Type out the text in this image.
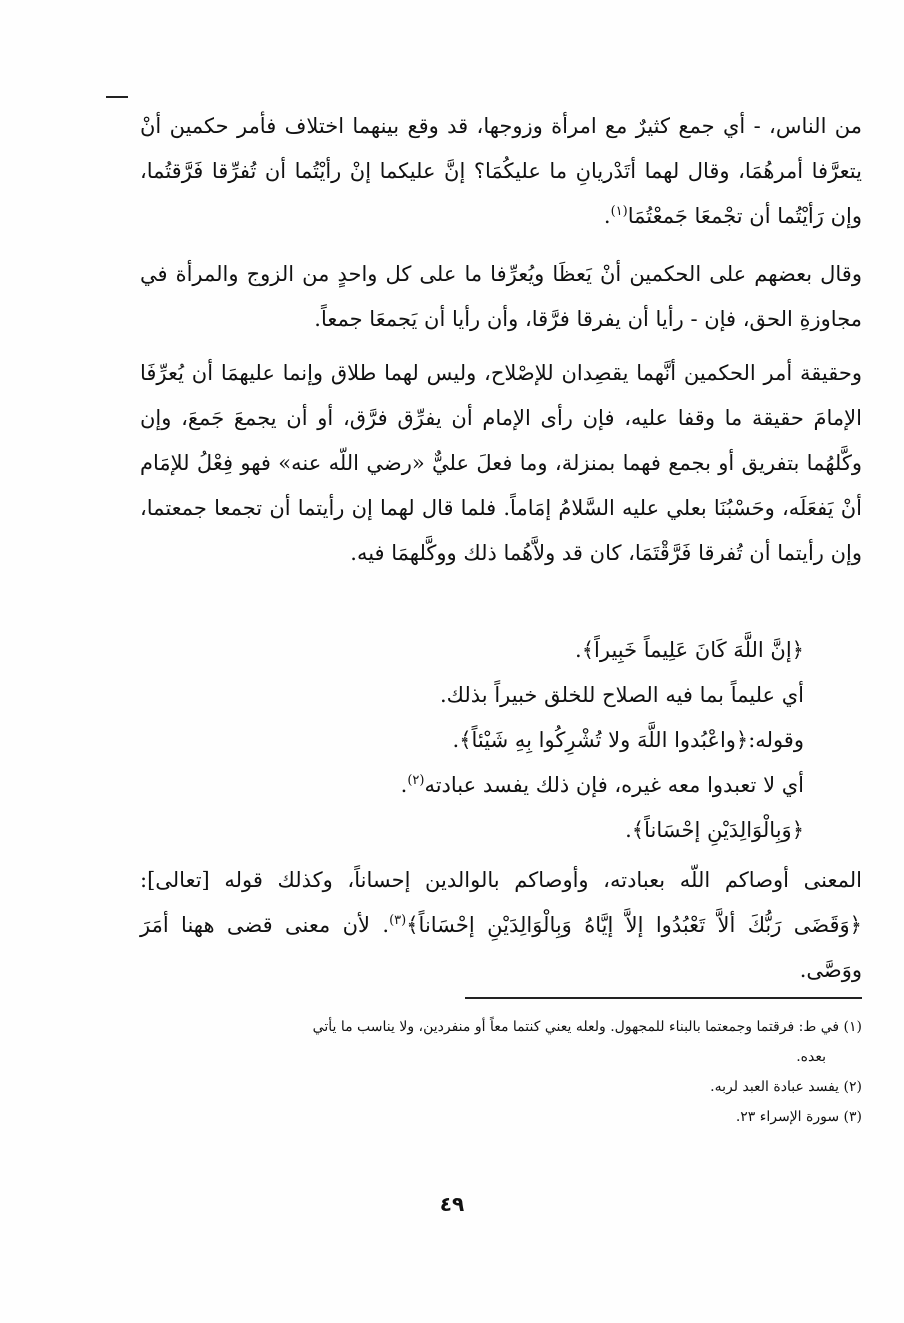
من الناس، - أي جمع كثيرٌ مع امرأة وزوجها، قد وقع بينهما اختلاف فأمر حكمين أنْ يتعرَّفا أمرهُمَا، وقال لهما أتَدْريانِ ما عليكُمَا؟ إنَّ عليكما إنْ رأيْتُما أن تُفرِّقا فَرَّقتُما، وإن رَأيْتُما أن تجْمعَا جَمعْتُمَا$^{(١)}$.

وقال بعضهم على الحكمين أنْ يَعظَا ويُعرِّفا ما على كل واحدٍ من الزوج والمرأة في مجاوزةِ الحق، فإن - رأيا أن يفرقا فرَّقا، وأن رأيا أن يَجمعَا جمعاً.

وحقيقة أمر الحكمين أنَّهما يقصِدان للإصْلاح، وليس لهما طلاق وإنما عليهمَا أن يُعرِّفَا الإمامَ حقيقة ما وقفا عليه، فإن رأى الإمام أن يفرِّق فرَّق، أو أن يجمعَ جَمعَ، وإن وكَّلهُما بتفريق أو بجمع فهما بمنزلة، وما فعلَ عليٌّ «رضي اللّه عنه» فهو فِعْلُ للإمَام أنْ يَفعَلَه، وحَسْبُنَا بعلي عليه السَّلامُ إمَاماً. فلما قال لهما إن رأيتما أن تجمعا جمعتما، وإن رأيتما أن تُفرقا فَرَّقْتَمَا، كان قد ولاَّهُما ذلك ووكَّلهمَا فيه.

﴿إنَّ اللَّهَ كَانَ عَلِيماً خَبِيراً﴾.

أي عليماً بما فيه الصلاح للخلق خبيراً بذلك.

وقوله:﴿واعْبُدوا اللَّهَ ولا تُشْرِكُوا بِهِ شَيْئاً﴾.

أي لا تعبدوا معه غيره، فإن ذلك يفسد عبادته$^{(٢)}$.

﴿وَبِالْوَالِدَيْنِ إحْسَاناً﴾.

المعنى أوصاكم اللّه بعبادته، وأوصاكم بالوالدين إحساناً، وكذلك قوله [تعالى]: ﴿وَقَضَى رَبُّكَ ألاَّ تَعْبُدُوا إلاَّ إيَّاهُ وَبِالْوَالِدَيْنِ إحْسَاناً﴾$^{(٣)}$. لأن معنى قضى ههنا أمَرَ ووَصَّى.

(١) في ط: فرقتما وجمعتما بالبناء للمجهول. ولعله يعني كنتما معاً أو منفردين، ولا يناسب ما يأتي

بعده.

(٢) يفسد عبادة العبد لربه.

(٣) سورة الإسراء ٢٣.

٤٩
